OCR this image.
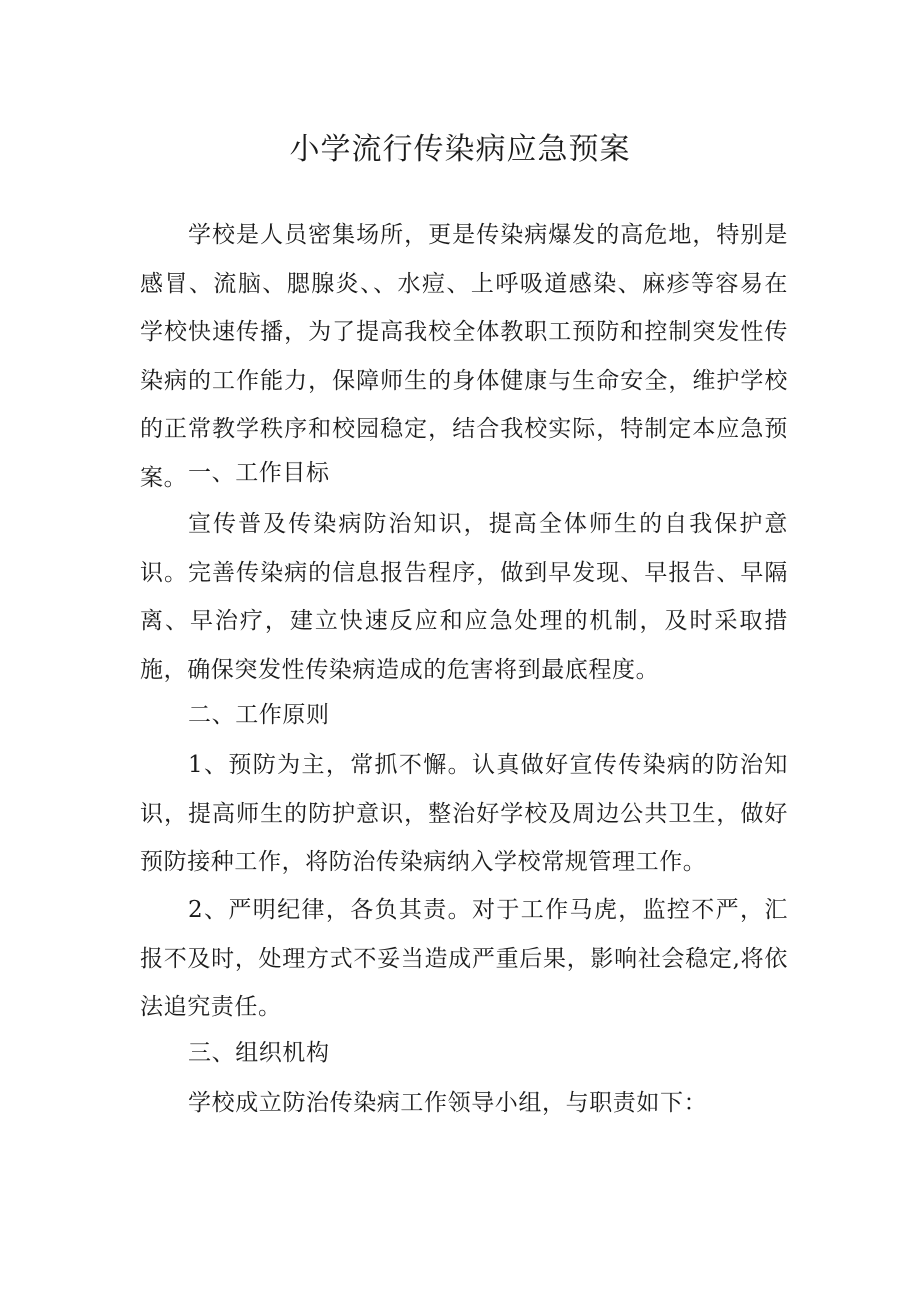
小学流行传染病应急预案

学校是人员密集场所，更是传染病爆发的高危地，特别是感冒、流脑、腮腺炎、、水痘、上呼吸道感染、麻疹等容易在学校快速传播，为了提高我校全体教职工预防和控制突发性传染病的工作能力，保障师生的身体健康与生命安全，维护学校的正常教学秩序和校园稳定，结合我校实际，特制定本应急预案。 一、工作目标

宣传普及传染病防治知识，提高全体师生的自我保护意识。完善传染病的信息报告程序，做到早发现、早报告、早隔离、早治疗，建立快速反应和应急处理的机制，及时采取措施，确保突发性传染病造成的危害将到最底程度。

二、工作原则

1、预防为主，常抓不懈。认真做好宣传传染病的防治知识，提高师生的防护意识，整治好学校及周边公共卫生，做好预防接种工作，将防治传染病纳入学校常规管理工作。

2、严明纪律，各负其责。对于工作马虎，监控不严，汇报不及时，处理方式不妥当造成严重后果，影响社会稳定,将依法追究责任。

三、组织机构

学校成立防治传染病工作领导小组，与职责如下：
